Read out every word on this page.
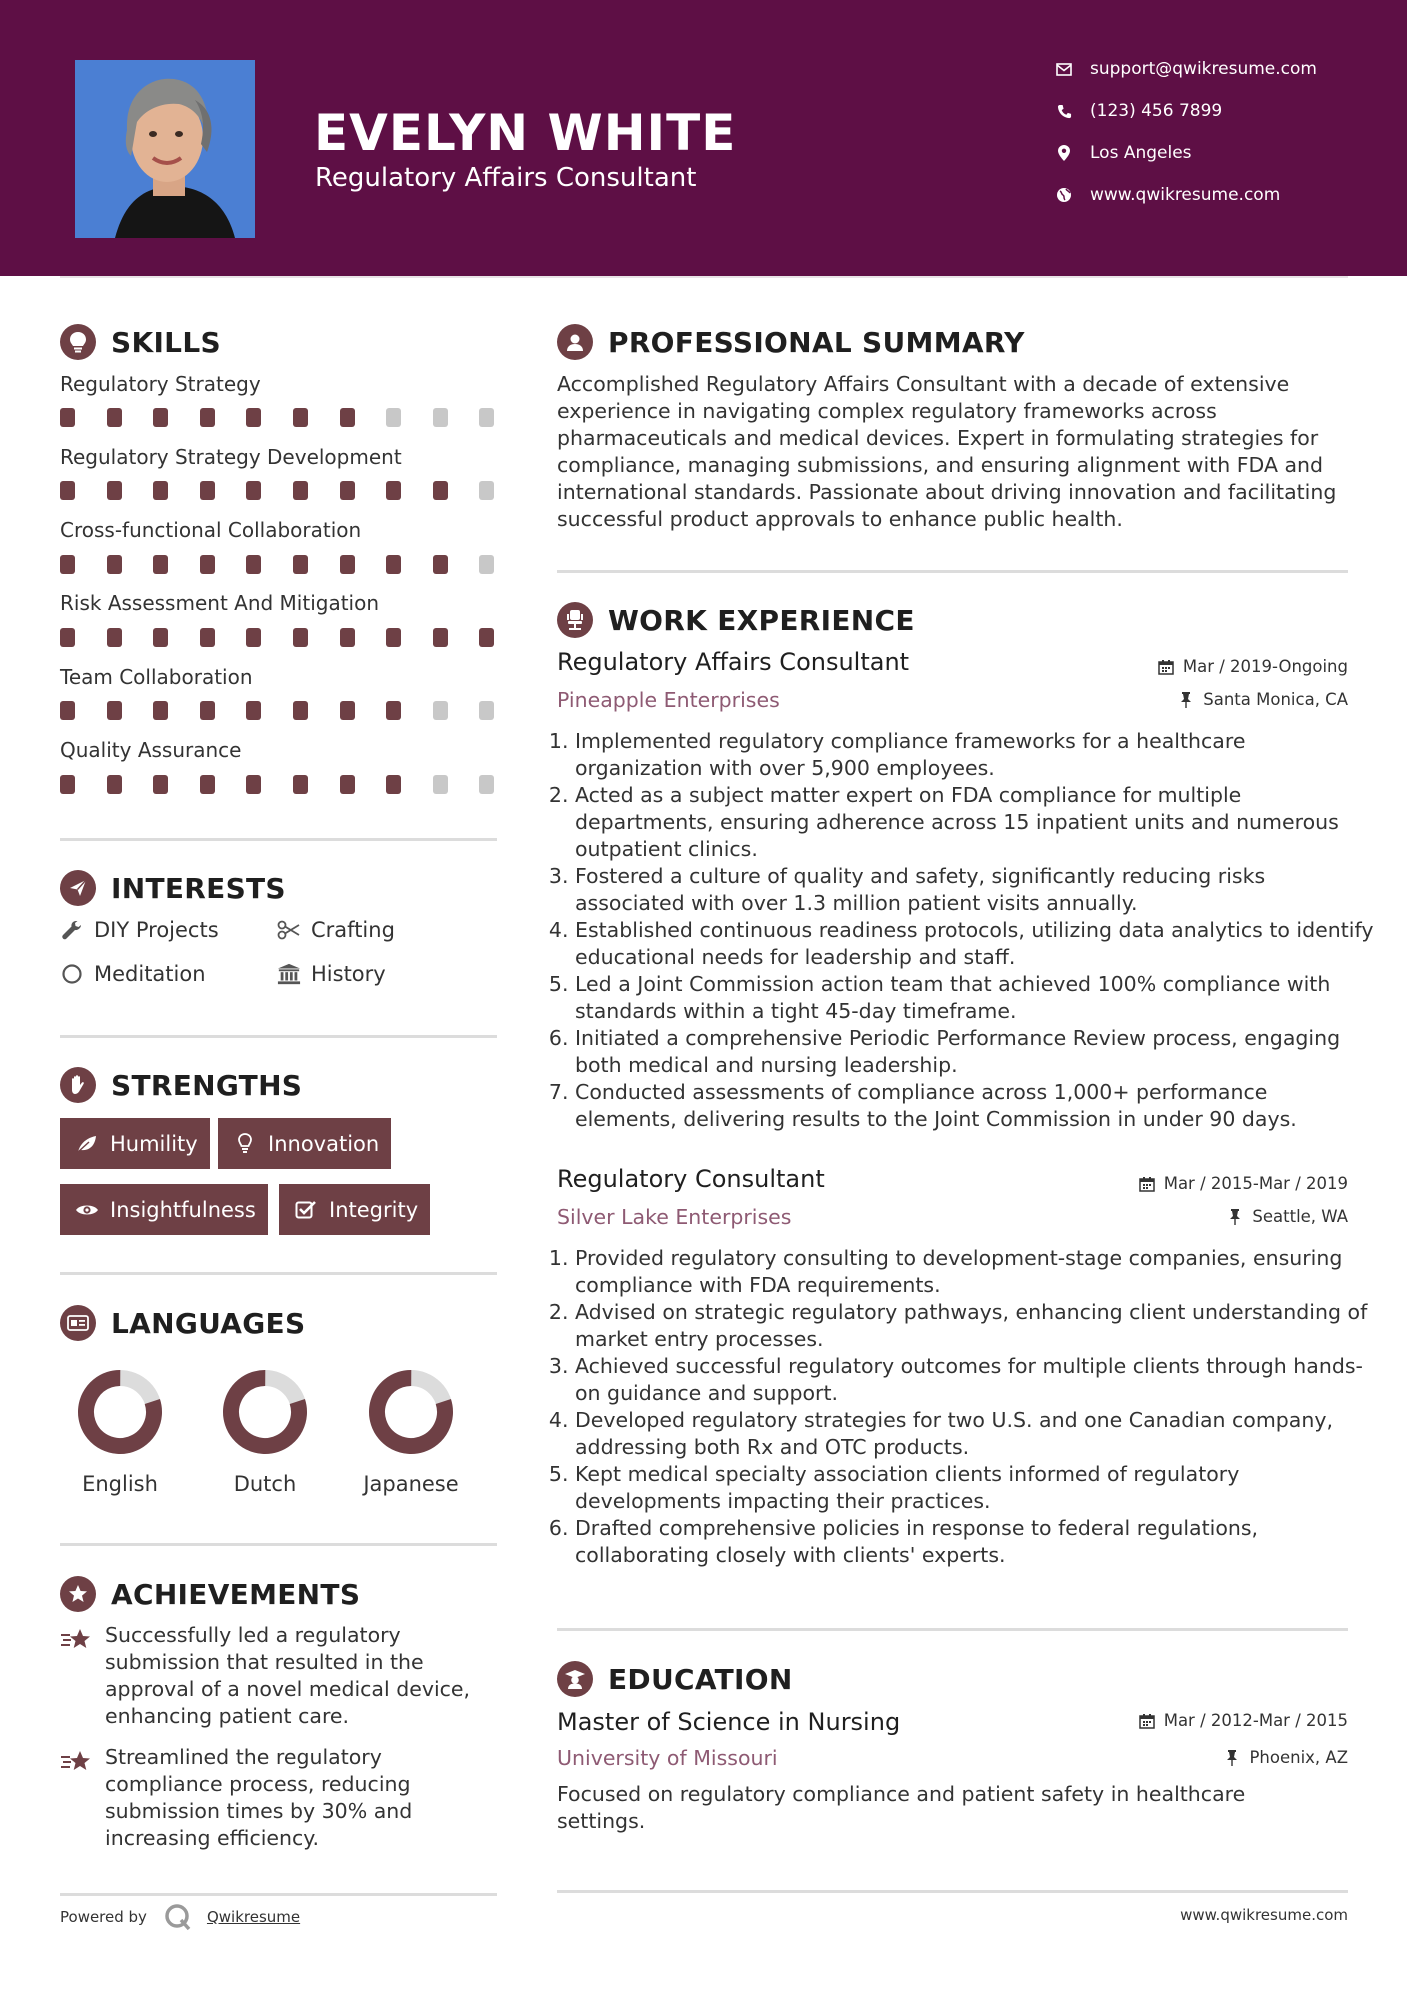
EVELYN WHITE
Regulatory Affairs Consultant
support@qwikresume.com
(123) 456 7899
Los Angeles
www.qwikresume.com
SKILLS
Regulatory Strategy
Regulatory Strategy Development
Cross-functional Collaboration
Risk Assessment And Mitigation
Team Collaboration
Quality Assurance
INTERESTS
DIY Projects	Crafting
Meditation	History
STRENGTHS
Humility	Innovation
Insightfulness	Integrity
LANGUAGES
English	Dutch	Japanese
ACHIEVEMENTS
Successfully led a regulatory submission that resulted in the approval of a novel medical device, enhancing patient care.
Streamlined the regulatory compliance process, reducing submission times by 30% and increasing efficiency.
PROFESSIONAL SUMMARY
Accomplished Regulatory Affairs Consultant with a decade of extensive experience in navigating complex regulatory frameworks across pharmaceuticals and medical devices. Expert in formulating strategies for compliance, managing submissions, and ensuring alignment with FDA and international standards. Passionate about driving innovation and facilitating successful product approvals to enhance public health.
WORK EXPERIENCE
Regulatory Affairs Consultant	Mar / 2019-Ongoing
Pineapple Enterprises	Santa Monica, CA
1. Implemented regulatory compliance frameworks for a healthcare organization with over 5,900 employees.
2. Acted as a subject matter expert on FDA compliance for multiple departments, ensuring adherence across 15 inpatient units and numerous outpatient clinics.
3. Fostered a culture of quality and safety, significantly reducing risks associated with over 1.3 million patient visits annually.
4. Established continuous readiness protocols, utilizing data analytics to identify educational needs for leadership and staff.
5. Led a Joint Commission action team that achieved 100% compliance with standards within a tight 45-day timeframe.
6. Initiated a comprehensive Periodic Performance Review process, engaging both medical and nursing leadership.
7. Conducted assessments of compliance across 1,000+ performance elements, delivering results to the Joint Commission in under 90 days.
Regulatory Consultant	Mar / 2015-Mar / 2019
Silver Lake Enterprises	Seattle, WA
1. Provided regulatory consulting to development-stage companies, ensuring compliance with FDA requirements.
2. Advised on strategic regulatory pathways, enhancing client understanding of market entry processes.
3. Achieved successful regulatory outcomes for multiple clients through hands-on guidance and support.
4. Developed regulatory strategies for two U.S. and one Canadian company, addressing both Rx and OTC products.
5. Kept medical specialty association clients informed of regulatory developments impacting their practices.
6. Drafted comprehensive policies in response to federal regulations, collaborating closely with clients' experts.
EDUCATION
Master of Science in Nursing	Mar / 2012-Mar / 2015
University of Missouri	Phoenix, AZ
Focused on regulatory compliance and patient safety in healthcare settings.
Powered by	Qwikresume	www.qwikresume.com
